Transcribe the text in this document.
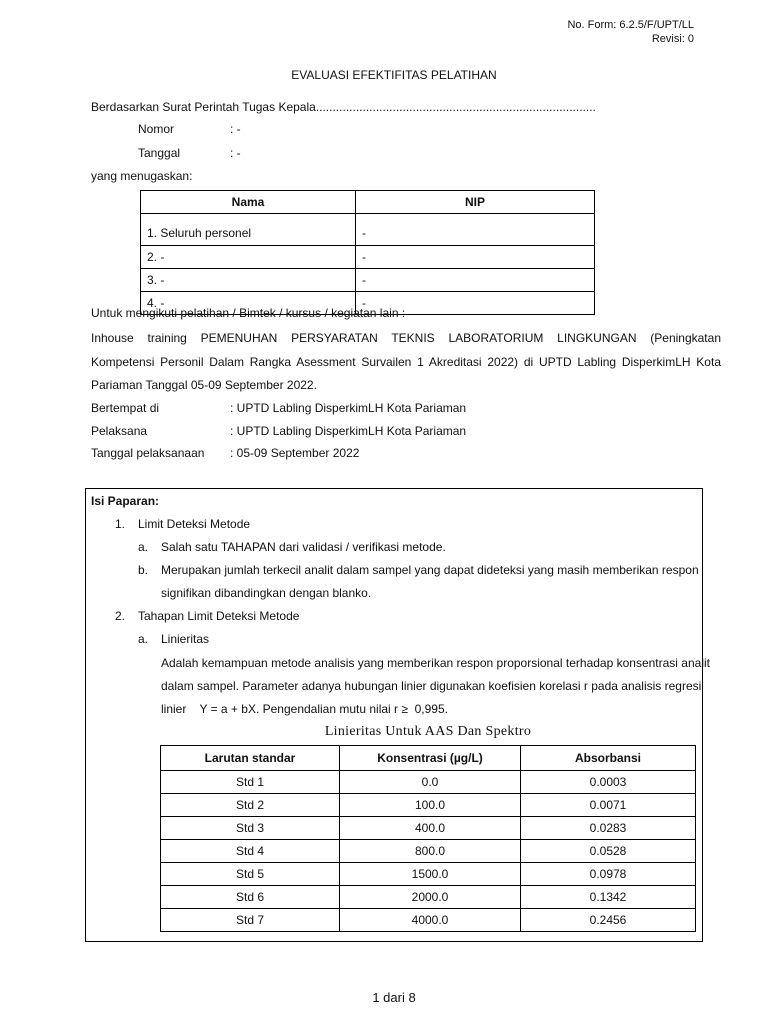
No. Form: 6.2.5/F/UPT/LL
Revisi: 0
EVALUASI EFEKTIFITAS PELATIHAN
Berdasarkan Surat Perintah Tugas Kepala....................................................................................
Nomor	: -
Tanggal	: -
yang menugaskan:
Nama	NIP
1. Seluruh personel	-
2. -	-
3. -	-
4. -	-
Untuk mengikuti pelatihan / Bimtek / kursus / kegiatan lain :
Inhouse training PEMENUHAN PERSYARATAN TEKNIS LABORATORIUM LINGKUNGAN (Peningkatan
Kompetensi Personil Dalam Rangka Asessment Survailen 1 Akreditasi 2022) di UPTD Labling DisperkimLH Kota
Pariaman Tanggal 05-09 September 2022.
Bertempat di	: UPTD Labling DisperkimLH Kota Pariaman
Pelaksana	: UPTD Labling DisperkimLH Kota Pariaman
Tanggal pelaksanaan : 05-09 September 2022
Isi Paparan:
1. Limit Deteksi Metode
a. Salah satu TAHAPAN dari validasi / verifikasi metode.
b. Merupakan jumlah terkecil analit dalam sampel yang dapat dideteksi yang masih memberikan respon
signifikan dibandingkan dengan blanko.
2. Tahapan Limit Deteksi Metode
a. Linieritas
Adalah kemampuan metode analisis yang memberikan respon proporsional terhadap konsentrasi analit
dalam sampel. Parameter adanya hubungan linier digunakan koefisien korelasi r pada analisis regresi
linier    Y = a + bX. Pengendalian mutu nilai r ≥  0,995.
Linieritas Untuk AAS Dan Spektro
Larutan standar	Konsentrasi (µg/L)	Absorbansi
Std 1	0.0	0.0003
Std 2	100.0	0.0071
Std 3	400.0	0.0283
Std 4	800.0	0.0528
Std 5	1500.0	0.0978
Std 6	2000.0	0.1342
Std 7	4000.0	0.2456
1 dari 8
